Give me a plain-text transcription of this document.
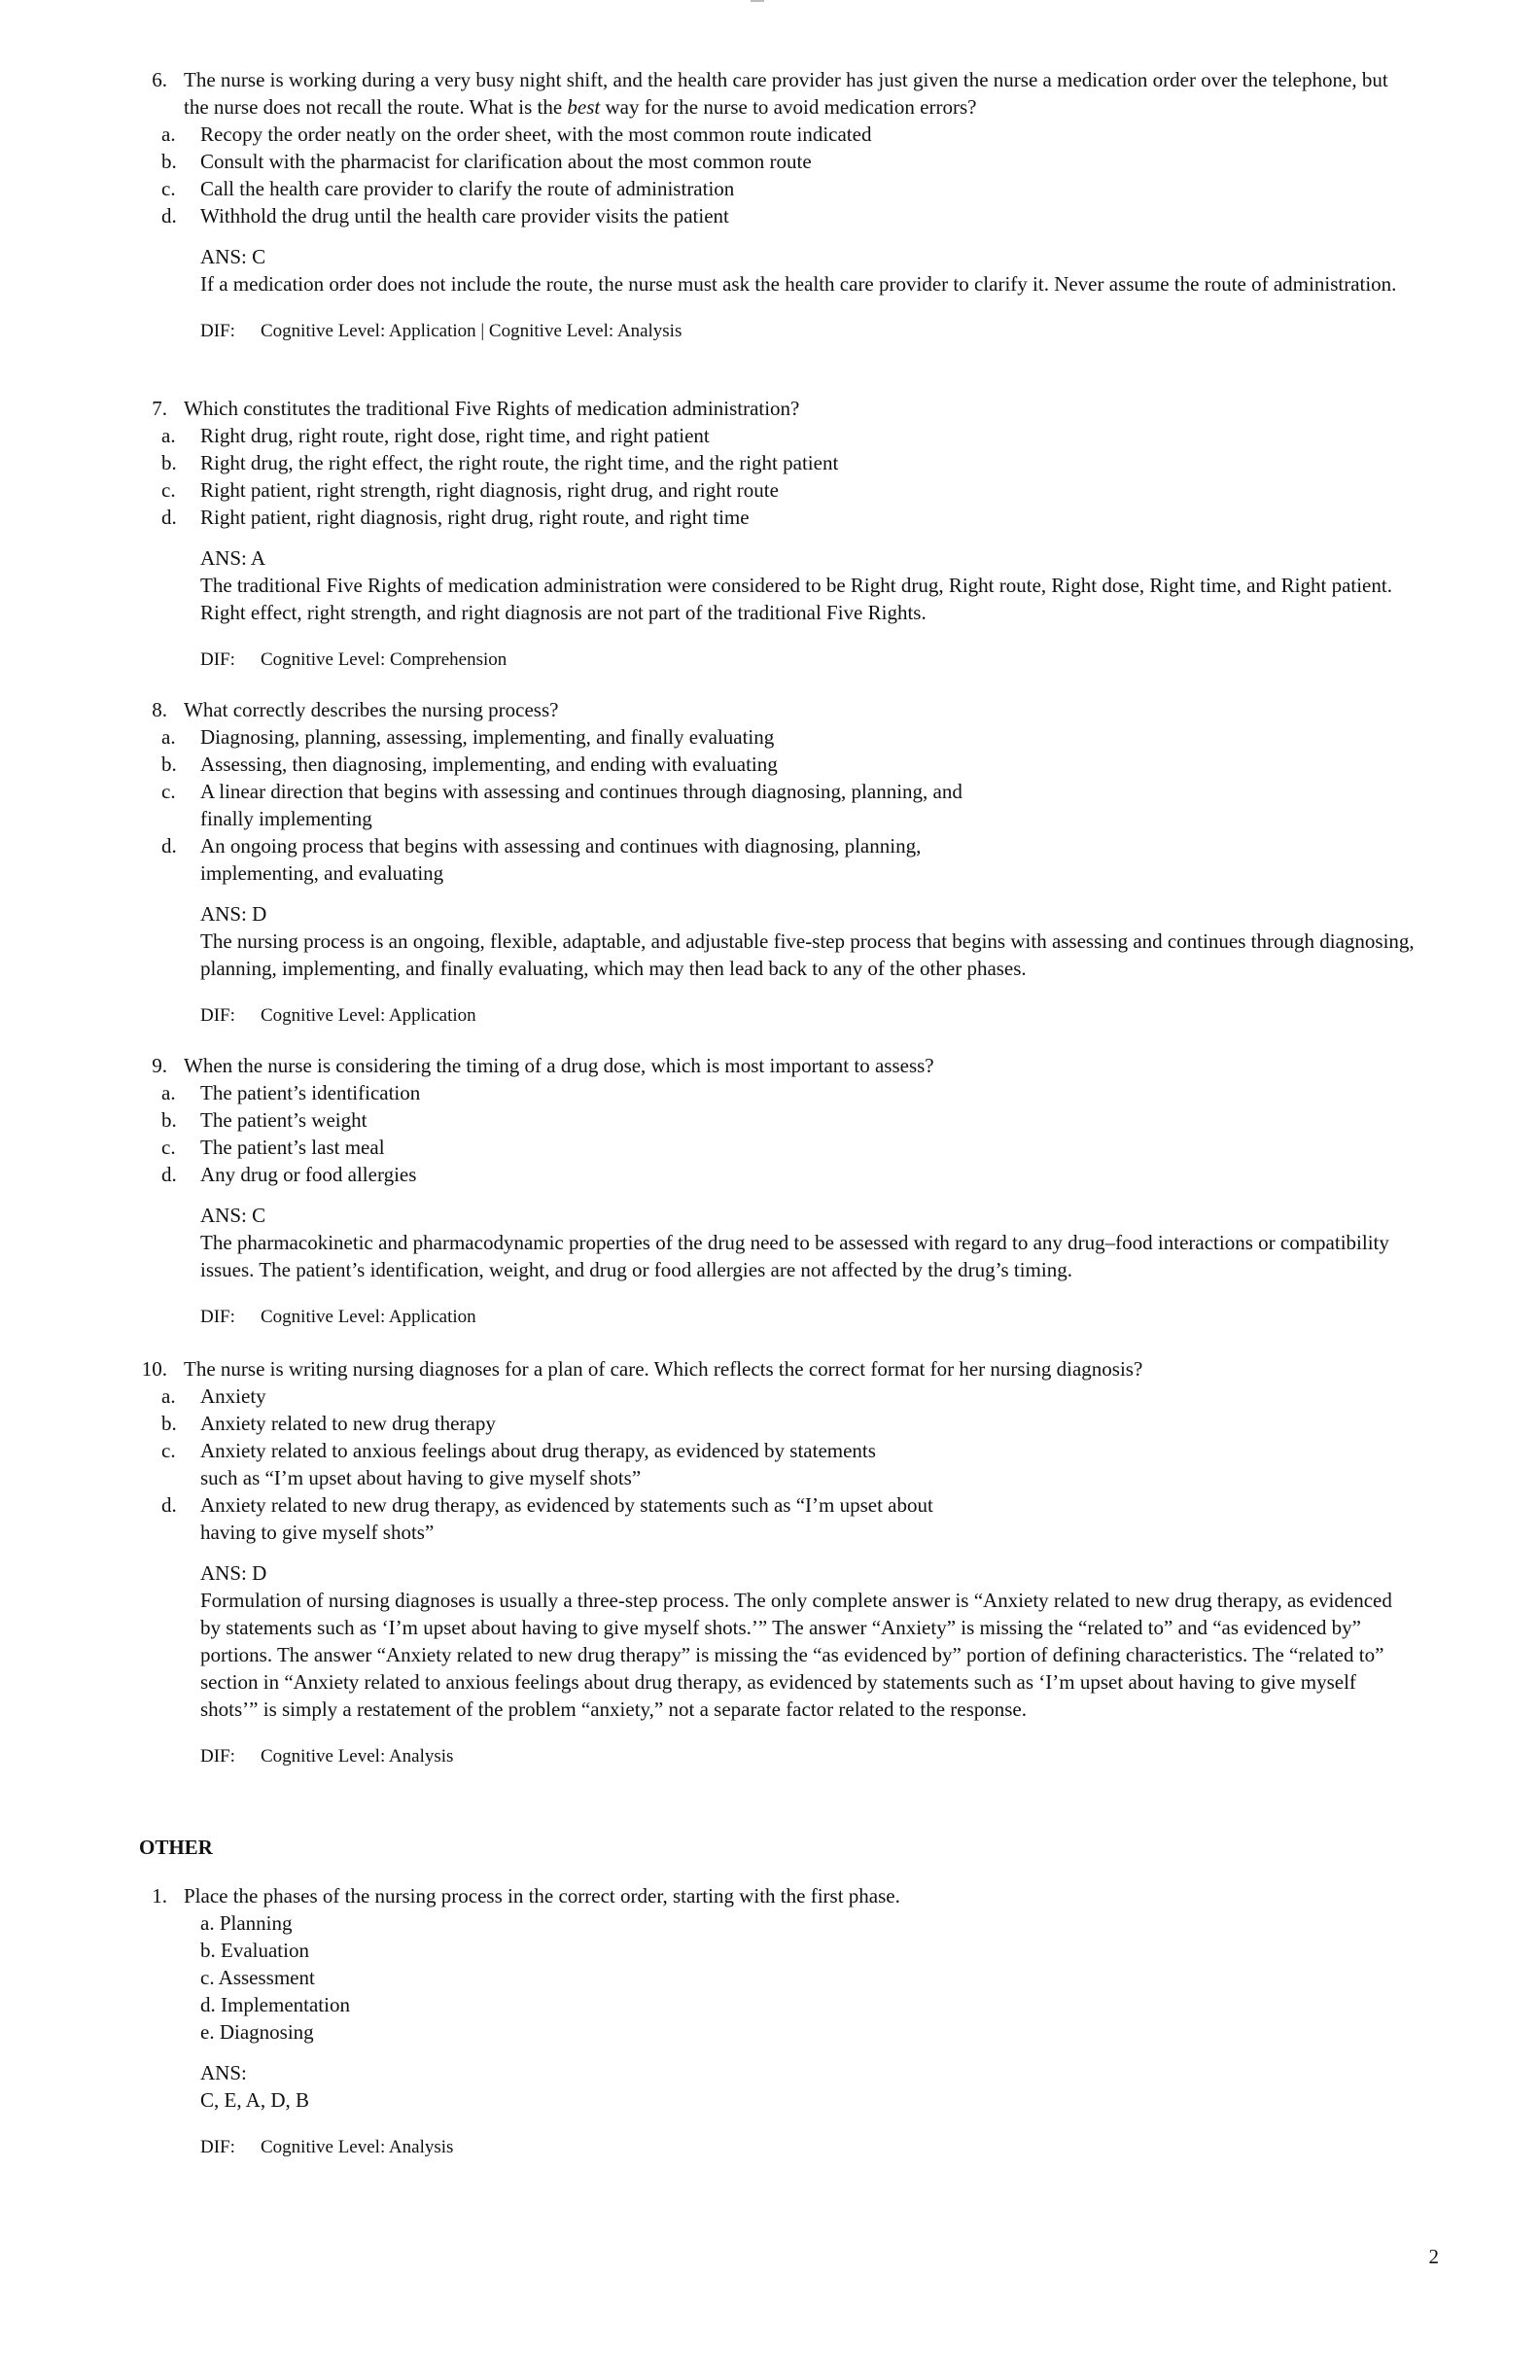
6. The nurse is working during a very busy night shift, and the health care provider has just given the nurse a medication order over the telephone, but the nurse does not recall the route. What is the best way for the nurse to avoid medication errors?
a.	Recopy the order neatly on the order sheet, with the most common route indicated
b.	Consult with the pharmacist for clarification about the most common route
c.	Call the health care provider to clarify the route of administration
d.	Withhold the drug until the health care provider visits the patient
ANS: C
If a medication order does not include the route, the nurse must ask the health care provider to clarify it. Never assume the route of administration.
DIF: Cognitive Level: Application | Cognitive Level: Analysis
7. Which constitutes the traditional Five Rights of medication administration?
a.	Right drug, right route, right dose, right time, and right patient
b.	Right drug, the right effect, the right route, the right time, and the right patient
c.	Right patient, right strength, right diagnosis, right drug, and right route
d.	Right patient, right diagnosis, right drug, right route, and right time
ANS: A
The traditional Five Rights of medication administration were considered to be Right drug, Right route, Right dose, Right time, and Right patient. Right effect, right strength, and right diagnosis are not part of the traditional Five Rights.
DIF: Cognitive Level: Comprehension
8. What correctly describes the nursing process?
a.	Diagnosing, planning, assessing, implementing, and finally evaluating
b.	Assessing, then diagnosing, implementing, and ending with evaluating
c.	A linear direction that begins with assessing and continues through diagnosing, planning, and finally implementing
d.	An ongoing process that begins with assessing and continues with diagnosing, planning, implementing, and evaluating
ANS: D
The nursing process is an ongoing, flexible, adaptable, and adjustable five-step process that begins with assessing and continues through diagnosing, planning, implementing, and finally evaluating, which may then lead back to any of the other phases.
DIF: Cognitive Level: Application
9. When the nurse is considering the timing of a drug dose, which is most important to assess?
a.	The patient’s identification
b.	The patient’s weight
c.	The patient’s last meal
d.	Any drug or food allergies
ANS: C
The pharmacokinetic and pharmacodynamic properties of the drug need to be assessed with regard to any drug–food interactions or compatibility issues. The patient’s identification, weight, and drug or food allergies are not affected by the drug’s timing.
DIF: Cognitive Level: Application
10. The nurse is writing nursing diagnoses for a plan of care. Which reflects the correct format for her nursing diagnosis?
a.	Anxiety
b.	Anxiety related to new drug therapy
c.	Anxiety related to anxious feelings about drug therapy, as evidenced by statements such as “I’m upset about having to give myself shots”
d.	Anxiety related to new drug therapy, as evidenced by statements such as “I’m upset about having to give myself shots”
ANS: D
Formulation of nursing diagnoses is usually a three-step process. The only complete answer is “Anxiety related to new drug therapy, as evidenced by statements such as ‘I’m upset about having to give myself shots.’” The answer “Anxiety” is missing the “related to” and “as evidenced by” portions. The answer “Anxiety related to new drug therapy” is missing the “as evidenced by” portion of defining characteristics. The “related to” section in “Anxiety related to anxious feelings about drug therapy, as evidenced by statements such as ‘I’m upset about having to give myself shots’” is simply a restatement of the problem “anxiety,” not a separate factor related to the response.
DIF: Cognitive Level: Analysis
OTHER
1. Place the phases of the nursing process in the correct order, starting with the first phase.
a. Planning
b. Evaluation
c. Assessment
d. Implementation
e. Diagnosing
ANS:
C, E, A, D, B
DIF: Cognitive Level: Analysis
2
